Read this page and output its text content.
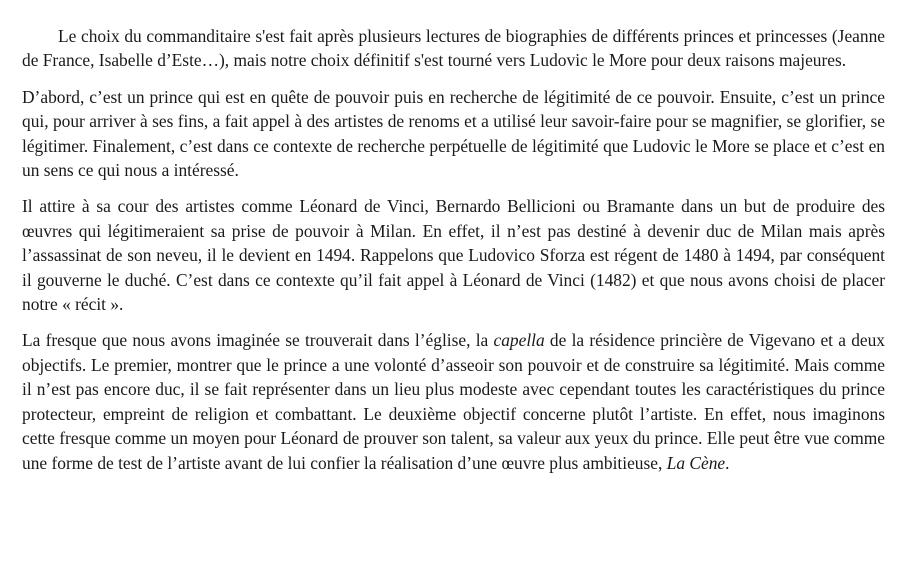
Le choix du commanditaire s'est fait après plusieurs lectures de biographies de différents princes et princesses (Jeanne de France, Isabelle d’Este…), mais notre choix définitif s'est tourné vers Ludovic le More pour deux raisons majeures.

D’abord, c’est un prince qui est en quête de pouvoir puis en recherche de légitimité de ce pouvoir. Ensuite, c’est un prince qui, pour arriver à ses fins, a fait appel à des artistes de renoms et a utilisé leur savoir-faire pour se magnifier, se glorifier, se légitimer. Finalement, c’est dans ce contexte de recherche perpétuelle de légitimité que Ludovic le More se place et c’est en un sens ce qui nous a intéressé.

Il attire à sa cour des artistes comme Léonard de Vinci, Bernardo Bellicioni ou Bramante dans un but de produire des œuvres qui légitimeraient sa prise de pouvoir à Milan. En effet, il n’est pas destiné à devenir duc de Milan mais après l’assassinat de son neveu, il le devient en 1494. Rappelons que Ludovico Sforza est régent de 1480 à 1494, par conséquent il gouverne le duché. C’est dans ce contexte qu’il fait appel à Léonard de Vinci (1482) et que nous avons choisi de placer notre « récit ».

La fresque que nous avons imaginée se trouverait dans l’église, la capella de la résidence princière de Vigevano et a deux objectifs. Le premier, montrer que le prince a une volonté d’asseoir son pouvoir et de construire sa légitimité. Mais comme il n’est pas encore duc, il se fait représenter dans un lieu plus modeste avec cependant toutes les caractéristiques du prince protecteur, empreint de religion et combattant. Le deuxième objectif concerne plutôt l’artiste. En effet, nous imaginons cette fresque comme un moyen pour Léonard de prouver son talent, sa valeur aux yeux du prince. Elle peut être vue comme une forme de test de l’artiste avant de lui confier la réalisation d’une œuvre plus ambitieuse, La Cène.
